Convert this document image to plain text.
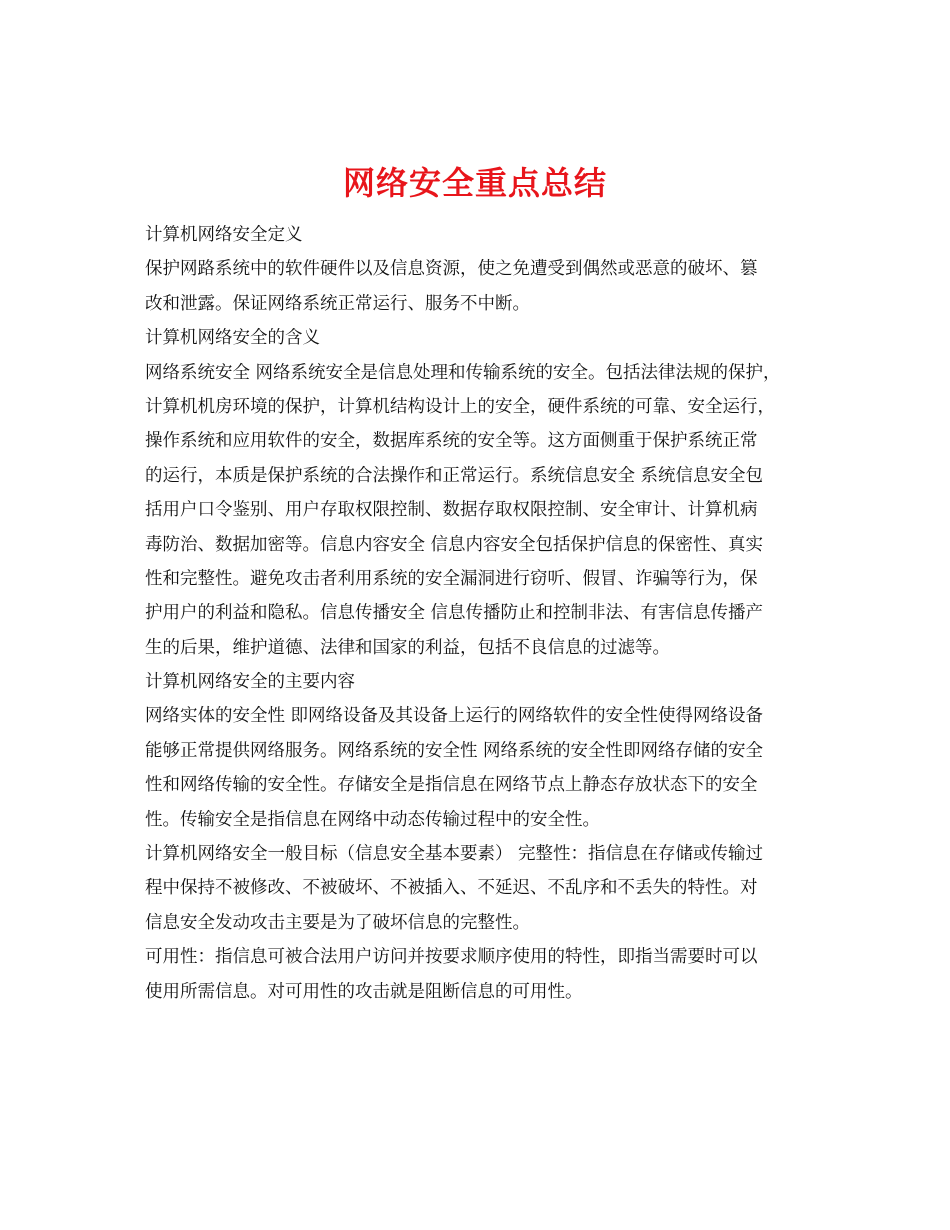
网络安全重点总结
计算机网络安全定义
保护网路系统中的软件硬件以及信息资源，使之免遭受到偶然或恶意的破坏、篡
改和泄露。保证网络系统正常运行、服务不中断。
计算机网络安全的含义
网络系统安全 网络系统安全是信息处理和传输系统的安全。包括法律法规的保护，
计算机机房环境的保护，计算机结构设计上的安全，硬件系统的可靠、安全运行，
操作系统和应用软件的安全，数据库系统的安全等。这方面侧重于保护系统正常
的运行，本质是保护系统的合法操作和正常运行。系统信息安全 系统信息安全包
括用户口令鉴别、用户存取权限控制、数据存取权限控制、安全审计、计算机病
毒防治、数据加密等。信息内容安全 信息内容安全包括保护信息的保密性、真实
性和完整性。避免攻击者利用系统的安全漏洞进行窃听、假冒、诈骗等行为，保
护用户的利益和隐私。信息传播安全 信息传播防止和控制非法、有害信息传播产
生的后果，维护道德、法律和国家的利益，包括不良信息的过滤等。
计算机网络安全的主要内容
网络实体的安全性 即网络设备及其设备上运行的网络软件的安全性使得网络设备
能够正常提供网络服务。网络系统的安全性 网络系统的安全性即网络存储的安全
性和网络传输的安全性。存储安全是指信息在网络节点上静态存放状态下的安全
性。传输安全是指信息在网络中动态传输过程中的安全性。
计算机网络安全一般目标（信息安全基本要素） 完整性：指信息在存储或传输过
程中保持不被修改、不被破坏、不被插入、不延迟、不乱序和不丢失的特性。对
信息安全发动攻击主要是为了破坏信息的完整性。
可用性：指信息可被合法用户访问并按要求顺序使用的特性，即指当需要时可以
使用所需信息。对可用性的攻击就是阻断信息的可用性。
